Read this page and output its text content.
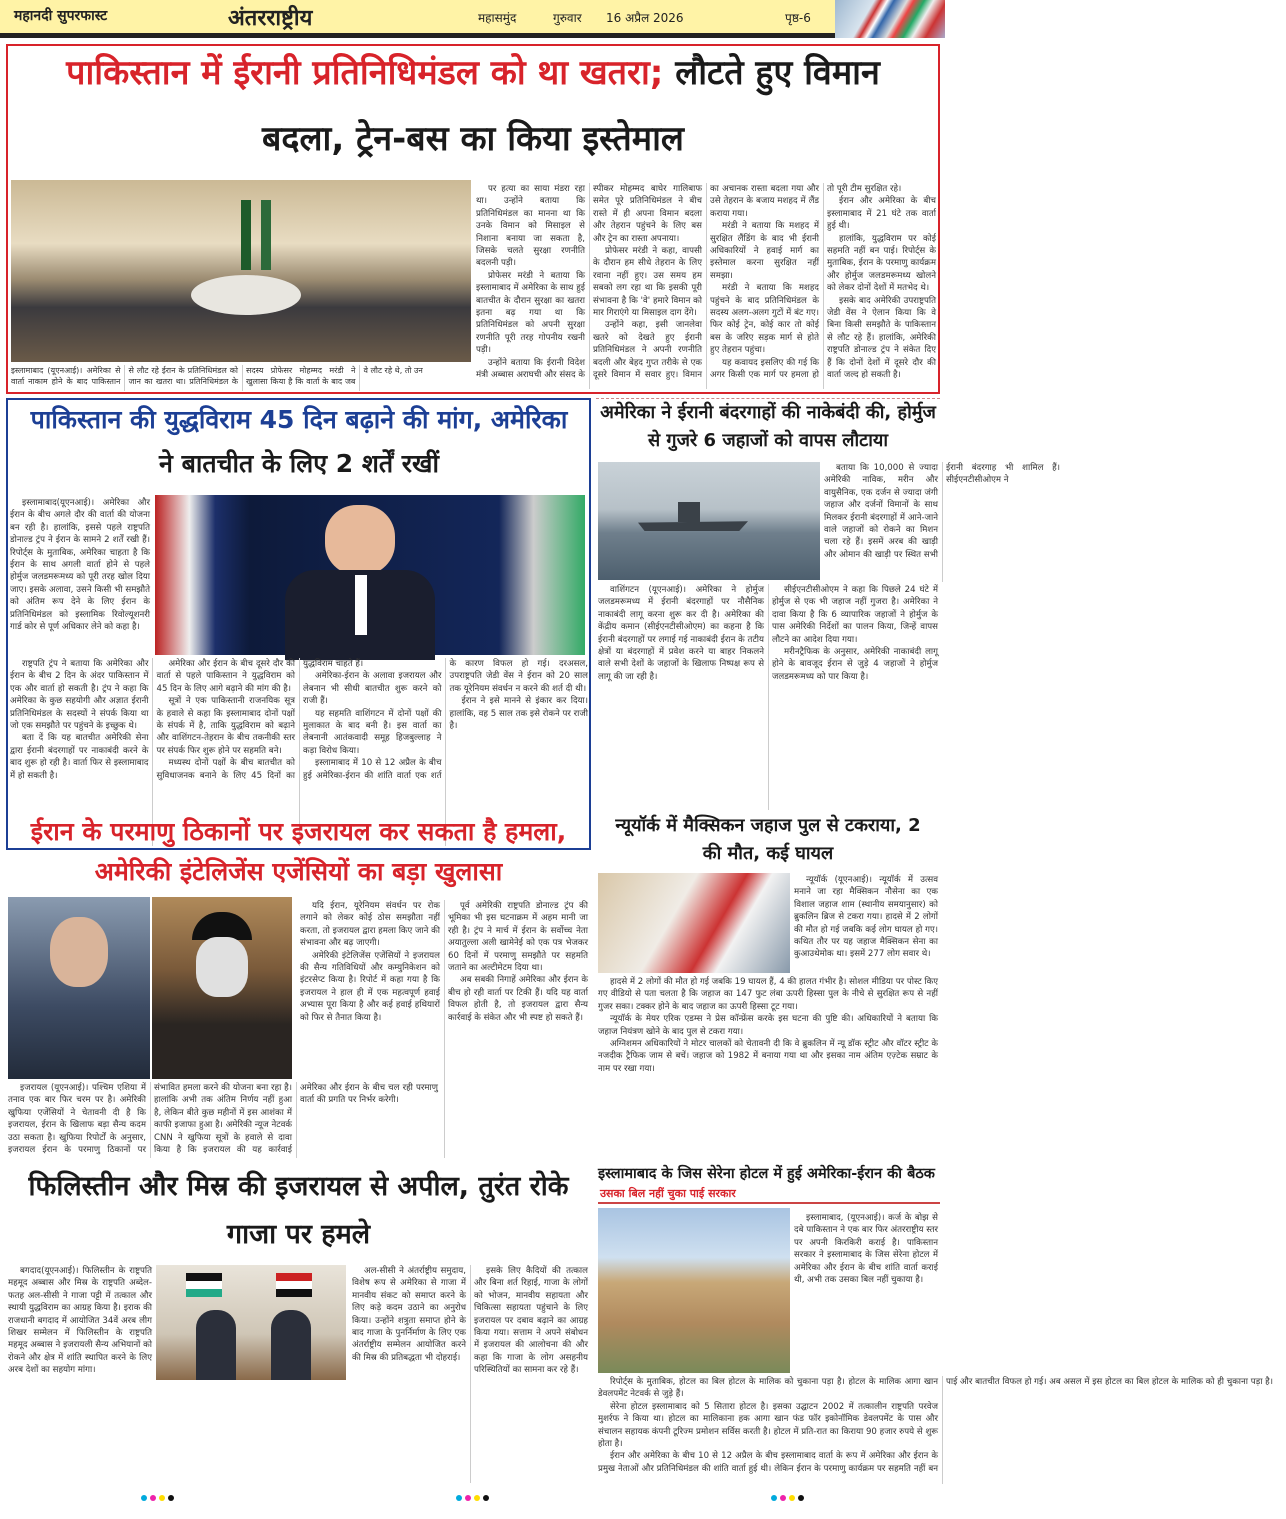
महानदी सुपरफास्ट	अंतरराष्ट्रीय	महासमुंद	गुरुवार 16 अप्रैल 2026	पृष्ठ-6
पाकिस्तान में ईरानी प्रतिनिधिमंडल को था खतरा; लौटते हुए विमान
बदला, ट्रेन-बस का किया इस्तेमाल
इस्लामाबाद (यूएनआई)। अमेरिका से वार्ता नाकाम होने के बाद पाकिस्तान से लौट रहे ईरान के प्रतिनिधिमंडल को जान का खतरा था। प्रतिनिधिमंडल के सदस्य प्रोफेसर मोहम्मद मरंडी ने खुलासा किया है कि वार्ता के बाद जब वे लौट रहे थे, तो उन

पर हत्या का साया मंडरा रहा था। उन्होंने बताया कि प्रतिनिधिमंडल का मानना था कि उनके विमान को मिसाइल से निशाना बनाया जा सकता है, जिसके चलते सुरक्षा रणनीति बदलनी पड़ी।

प्रोफेसर मरंडी ने बताया कि इस्लामाबाद में अमेरिका के साथ हुई बातचीत के दौरान सुरक्षा का खतरा इतना बढ़ गया था कि प्रतिनिधिमंडल को अपनी सुरक्षा रणनीति पूरी तरह गोपनीय रखनी पड़ी।

उन्होंने बताया कि ईरानी विदेश मंत्री अब्बास अराघची और संसद के स्पीकर मोहम्मद बाघेर गालिबाफ समेत पूरे प्रतिनिधिमंडल ने बीच रास्ते में ही अपना विमान बदला और तेहरान पहुंचने के लिए बस और ट्रेन का रास्ता अपनाया।

प्रोफेसर मरंडी ने कहा, वापसी के दौरान हम सीधे तेहरान के लिए रवाना नहीं हुए। उस समय हम सबको लग रहा था कि इसकी पूरी संभावना है कि 'वे' हमारे विमान को मार गिराएंगे या मिसाइल दाग देंगे।

उन्होंने कहा, इसी जानलेवा खतरे को देखते हुए ईरानी प्रतिनिधिमंडल ने अपनी रणनीति बदली और बेहद गुप्त तरीके से एक दूसरे विमान में सवार हुए। विमान का अचानक रास्ता बदला गया और उसे तेहरान के बजाय मशहद में लैंड कराया गया।

मरंडी ने बताया कि मशहद में सुरक्षित लैंडिंग के बाद भी ईरानी अधिकारियों ने हवाई मार्ग का इस्तेमाल करना सुरक्षित नहीं समझा।

मरंडी ने बताया कि मशहद पहुंचने के बाद प्रतिनिधिमंडल के सदस्य अलग-अलग गुटों में बंट गए। फिर कोई ट्रेन, कोई कार तो कोई बस के जरिए सड़क मार्ग से होते हुए तेहरान पहुंचा।

यह कवायद इसलिए की गई कि अगर किसी एक मार्ग पर हमला हो तो पूरी टीम सुरक्षित रहे।

ईरान और अमेरिका के बीच इस्लामाबाद में 21 घंटे तक वार्ता हुई थी।

हालांकि, युद्धविराम पर कोई सहमति नहीं बन पाई। रिपोर्ट्स के मुताबिक, ईरान के परमाणु कार्यक्रम और होर्मुज जलडमरूमध्य खोलने को लेकर दोनों देशों में मतभेद थे।

इसके बाद अमेरिकी उपराष्ट्रपति जेडी वेंस ने ऐलान किया कि वे बिना किसी समझौते के पाकिस्तान से लौट रहे हैं। हालांकि, अमेरिकी राष्ट्रपति डोनाल्ड ट्रंप ने संकेत दिए हैं कि दोनों देशों में दूसरे दौर की वार्ता जल्द हो सकती है।

पाकिस्तान की युद्धविराम 45 दिन बढ़ाने की मांग, अमेरिका
ने बातचीत के लिए 2 शर्तें रखीं

इस्लामाबाद(यूएनआई)। अमेरिका और ईरान के बीच अगले दौर की वार्ता की योजना बन रही है। हालांकि, इससे पहले राष्ट्रपति डोनाल्ड ट्रंप ने ईरान के सामने 2 शर्तें रखी हैं। रिपोर्ट्स के मुताबिक, अमेरिका चाहता है कि ईरान के साथ अगली वार्ता होने से पहले होर्मुज जलडमरूमध्य को पूरी तरह खोल दिया जाए। इसके अलावा, उसने किसी भी समझौते को अंतिम रूप देने के लिए ईरान के प्रतिनिधिमंडल को इस्लामिक रिवोल्यूशनरी गार्ड कोर से पूर्ण अधिकार लेने को कहा है।

राष्ट्रपति ट्रंप ने बताया कि अमेरिका और ईरान के बीच 2 दिन के अंदर पाकिस्तान में एक और वार्ता हो सकती है। ट्रंप ने कहा कि अमेरिका के कुछ सहयोगी और अज्ञात ईरानी प्रतिनिधिमंडल के सदस्यों ने संपर्क किया था जो एक समझौते पर पहुंचने के इच्छुक थे।

बता दें कि यह बातचीत अमेरिकी सेना द्वारा ईरानी बंदरगाहों पर नाकाबंदी करने के बाद शुरू हो रही है। वार्ता फिर से इस्लामाबाद में हो सकती है।

अमेरिका और ईरान के बीच दूसरे दौर की वार्ता से पहले पाकिस्तान ने युद्धविराम को 45 दिन के लिए आगे बढ़ाने की मांग की है।

सूत्रों ने एक पाकिस्तानी राजनयिक सूत्र के हवाले से कहा कि इस्लामाबाद दोनों पक्षों के संपर्क में है, ताकि युद्धविराम को बढ़ाने और वाशिंगटन-तेहरान के बीच तकनीकी स्तर पर संपर्क फिर शुरू होने पर सहमति बने।

मध्यस्थ दोनों पक्षों के बीच बातचीत को सुविधाजनक बनाने के लिए 45 दिनों का युद्धविराम चाहते हैं।

अमेरिका-ईरान के अलावा इजरायल और लेबनान भी सीधी बातचीत शुरू करने को राजी हैं।

यह सहमति वाशिंगटन में दोनों पक्षों की मुलाकात के बाद बनी है। इस वार्ता का लेबनानी आतंकवादी समूह हिजबुल्लाह ने कड़ा विरोध किया।

इस्लामाबाद में 10 से 12 अप्रैल के बीच हुई अमेरिका-ईरान की शांति वार्ता एक शर्त के कारण विफल हो गई। दरअसल, उपराष्ट्रपति जेडी वेंस ने ईरान को 20 साल तक यूरेनियम संवर्धन न करने की शर्त दी थी।

ईरान ने इसे मानने से इंकार कर दिया। हालांकि, वह 5 साल तक इसे रोकने पर राजी है।

अमेरिका ने ईरानी बंदरगाहों की नाकेबंदी की, होर्मुज
से गुजरे 6 जहाजों को वापस लौटाया

बताया कि 10,000 से ज्यादा अमेरिकी नाविक, मरीन और वायुसैनिक, एक दर्जन से ज्यादा जंगी जहाज और दर्जनों विमानों के साथ मिलकर ईरानी बंदरगाहों में आने-जाने वाले जहाजों को रोकने का मिशन चला रहे हैं। इसमें अरब की खाड़ी और ओमान की खाड़ी पर स्थित सभी ईरानी बंदरगाह भी शामिल हैं। सीईएनटीसीओएम ने

वाशिंगटन (यूएनआई)। अमेरिका ने होर्मुज जलडमरूमध्य में ईरानी बंदरगाहों पर नौसैनिक नाकाबंदी लागू करना शुरू कर दी है। अमेरिका की केंद्रीय कमान (सीईएनटीसीओएम) का कहना है कि ईरानी बंदरगाहों पर लगाई गई नाकाबंदी ईरान के तटीय क्षेत्रों या बंदरगाहों में प्रवेश करने या बाहर निकलने वाले सभी देशों के जहाजों के खिलाफ निष्पक्ष रूप से लागू की जा रही है।

सीईएनटीसीओएम ने कहा कि पिछले 24 घंटे में होर्मुज से एक भी जहाज नहीं गुजरा है। अमेरिका ने दावा किया है कि 6 व्यापारिक जहाजों ने होर्मुज के पास अमेरिकी निर्देशों का पालन किया, जिन्हें वापस लौटने का आदेश दिया गया।

मरीनट्रैफिक के अनुसार, अमेरिकी नाकाबंदी लागू होने के बावजूद ईरान से जुड़े 4 जहाजों ने होर्मुज जलडमरूमध्य को पार किया है।

ईरान के परमाणु ठिकानों पर इजरायल कर सकता है हमला,
अमेरिकी इंटेलिजेंस एजेंसियों का बड़ा खुलासा

इजरायल (यूएनआई)। पश्चिम एशिया में तनाव एक बार फिर चरम पर है। अमेरिकी खुफिया एजेंसियों ने चेतावनी दी है कि इजरायल, ईरान के खिलाफ बड़ा सैन्य कदम उठा सकता है। खुफिया रिपोर्टों के अनुसार, इजरायल ईरान के परमाणु ठिकानों पर संभावित हमला करने की योजना बना रहा है। हालांकि अभी तक अंतिम निर्णय नहीं हुआ है, लेकिन बीते कुछ महीनों में इस आशंका में काफी इजाफा हुआ है। अमेरिकी न्यूज नेटवर्क CNN ने खुफिया सूत्रों के हवाले से दावा किया है कि इजरायल की यह कार्रवाई अमेरिका और ईरान के बीच चल रही परमाणु वार्ता की प्रगति पर निर्भर करेगी।

यदि ईरान, यूरेनियम संवर्धन पर रोक लगाने को लेकर कोई ठोस समझौता नहीं करता, तो इजरायल द्वारा हमला किए जाने की संभावना और बढ़ जाएगी।

अमेरिकी इंटेलिजेंस एजेंसियों ने इजरायल की सैन्य गतिविधियों और कम्युनिकेशन को इंटरसेप्ट किया है। रिपोर्ट में कहा गया है कि इजरायल ने हाल ही में एक महत्वपूर्ण हवाई अभ्यास पूरा किया है और कई हवाई हथियारों को फिर से तैनात किया है।

पूर्व अमेरिकी राष्ट्रपति डोनाल्ड ट्रंप की भूमिका भी इस घटनाक्रम में अहम मानी जा रही है। ट्रंप ने मार्च में ईरान के सर्वोच्च नेता अयातुल्ला अली खामेनेई को एक पत्र भेजकर 60 दिनों में परमाणु समझौते पर सहमति जताने का अल्टीमेटम दिया था।

अब सबकी निगाहें अमेरिका और ईरान के बीच हो रही वार्ता पर टिकी हैं। यदि यह वार्ता विफल होती है, तो इजरायल द्वारा सैन्य कार्रवाई के संकेत और भी स्पष्ट हो सकते हैं।

न्यूयॉर्क में मैक्सिकन जहाज पुल से टकराया, 2
की मौत, कई घायल

न्यूयॉर्क (यूएनआई)। न्यूयॉर्क में उत्सव मनाने जा रहा मैक्सिकन नौसेना का एक विशाल जहाज शाम (स्थानीय समयानुसार) को ब्रुकलिन ब्रिज से टकरा गया। हादसे में 2 लोगों की मौत हो गई जबकि कई लोग घायल हो गए। कथित तौर पर यह जहाज मैक्सिकन सेना का कुआउथेमोक था। इसमें 277 लोग सवार थे।

हादसे में 2 लोगों की मौत हो गई जबकि 19 घायल हैं, 4 की हालत गंभीर है। सोशल मीडिया पर पोस्ट किए गए वीडियो से पता चलता है कि जहाज का 147 फुट लंबा ऊपरी हिस्सा पुल के नीचे से सुरक्षित रूप से नहीं गुजर सका। टक्कर होने के बाद जहाज का ऊपरी हिस्सा टूट गया।

न्यूयॉर्क के मेयर एरिक एडम्स ने प्रेस कॉन्फ्रेंस करके इस घटना की पुष्टि की। अधिकारियों ने बताया कि जहाज नियंत्रण खोने के बाद पुल से टकरा गया।

अग्निशमन अधिकारियों ने मोटर चालकों को चेतावनी दी कि वे ब्रुकलिन में न्यू डॉक स्ट्रीट और वॉटर स्ट्रीट के नजदीक ट्रैफिक जाम से बचें। जहाज को 1982 में बनाया गया था और इसका नाम अंतिम एज़्टेक सम्राट के नाम पर रखा गया।

फिलिस्तीन और मिस्र की इजरायल से अपील, तुरंत रोके
गाजा पर हमले

बगदाद(यूएनआई)। फिलिस्तीन के राष्ट्रपति महमूद अब्बास और मिस्र के राष्ट्रपति अब्देल-फतह अल-सीसी ने गाजा पट्टी में तत्काल और स्थायी युद्धविराम का आग्रह किया है। इराक की राजधानी बगदाद में आयोजित 34वें अरब लीग शिखर सम्मेलन में फिलिस्तीन के राष्ट्रपति महमूद अब्बास ने इजरायली सैन्य अभियानों को रोकने और क्षेत्र में शांति स्थापित करने के लिए अरब देशों का सहयोग मांगा।

अल-सीसी ने अंतर्राष्ट्रीय समुदाय, विशेष रूप से अमेरिका से गाजा में मानवीय संकट को समाप्त करने के लिए कड़े कदम उठाने का अनुरोध किया। उन्होंने शत्रुता समाप्त होने के बाद गाजा के पुनर्निर्माण के लिए एक अंतर्राष्ट्रीय सम्मेलन आयोजित करने की मिस्र की प्रतिबद्धता भी दोहराई।

इसके लिए कैदियों की तत्काल और बिना शर्त रिहाई, गाजा के लोगों को भोजन, मानवीय सहायता और चिकित्सा सहायता पहुंचाने के लिए इजरायल पर दबाव बढ़ाने का आग्रह किया गया। सत्ताम ने अपने संबोधन में इजरायल की आलोचना की और कहा कि गाजा के लोग असहनीय परिस्थितियों का सामना कर रहे हैं।

इस्लामाबाद के जिस सेरेना होटल में हुई अमेरिका-ईरान की बैठक
उसका बिल नहीं चुका पाई सरकार

इस्लामाबाद, (यूएनआई)। कर्ज के बोझ से दबे पाकिस्तान ने एक बार फिर अंतरराष्ट्रीय स्तर पर अपनी किरकिरी कराई है। पाकिस्तान सरकार ने इस्लामाबाद के जिस सेरेना होटल में अमेरिका और ईरान के बीच शांति वार्ता कराई थी, अभी तक उसका बिल नहीं चुकाया है।

रिपोर्ट्स के मुताबिक, होटल का बिल होटल के मालिक को चुकाना पड़ा है। होटल के मालिक आगा खान डेवलपमेंट नेटवर्क से जुड़े हैं।

सेरेना होटल इस्लामाबाद को 5 सितारा होटल है। इसका उद्घाटन 2002 में तत्कालीन राष्ट्रपति परवेज मुशर्रफ ने किया था। होटल का मालिकाना हक आगा खान फंड फॉर इकोनॉमिक डेवलपमेंट के पास और संचालन सहायक कंपनी टूरिज्म प्रमोशन सर्विस करती है। होटल में प्रति-रात का किराया 90 हजार रुपये से शुरू होता है।

ईरान और अमेरिका के बीच 10 से 12 अप्रैल के बीच इस्लामाबाद वार्ता के रूप में अमेरिका और ईरान के प्रमुख नेताओं और प्रतिनिधिमंडल की शांति वार्ता हुई थी। लेकिन ईरान के परमाणु कार्यक्रम पर सहमति नहीं बन पाई और बातचीत विफल हो गई। अब असल में इस होटल का बिल होटल के मालिक को ही चुकाना पड़ा है।
